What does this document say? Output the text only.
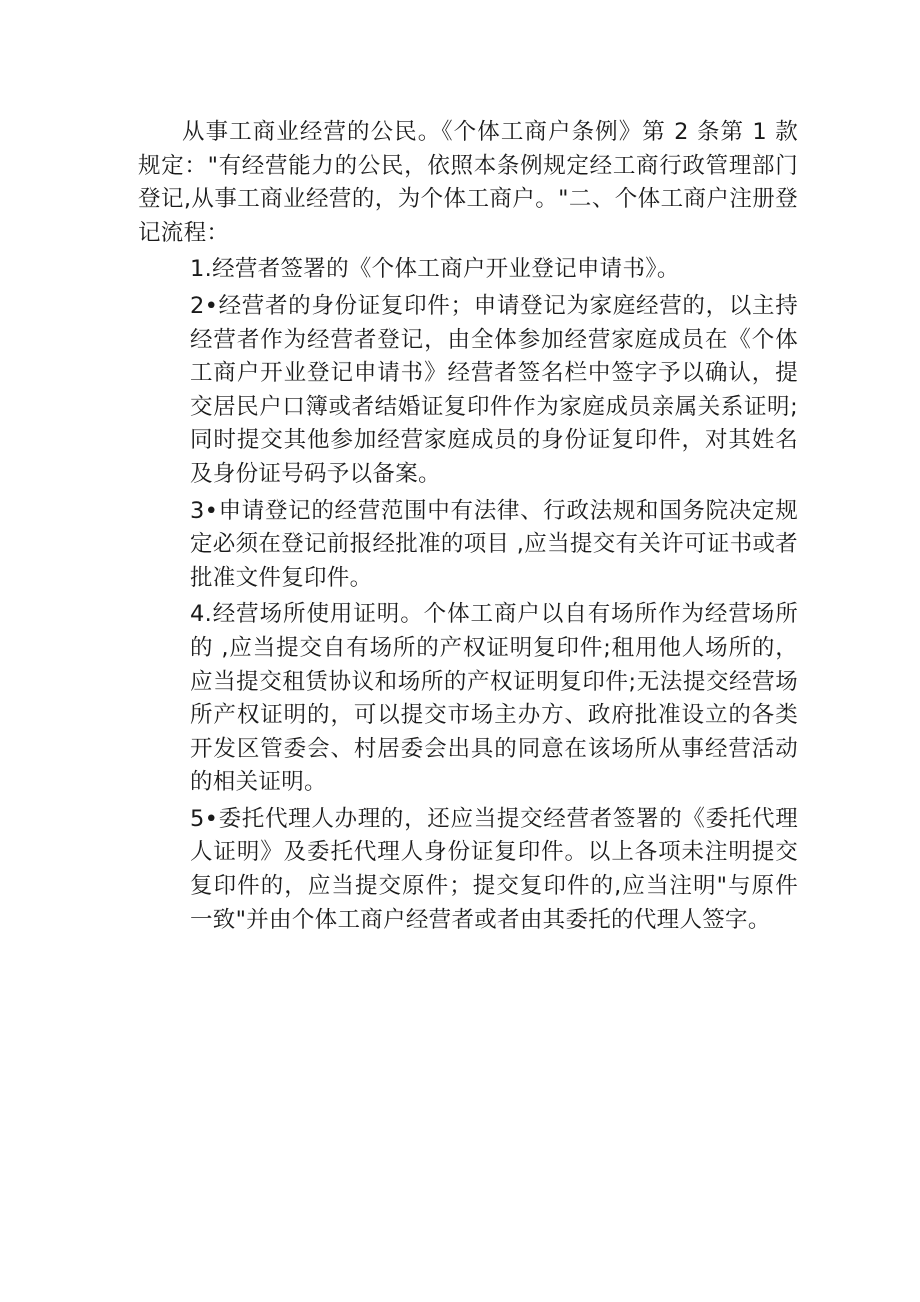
从事工商业经营的公民。《个体工商户条例》第 2 条第 1 款规定："有经营能力的公民，依照本条例规定经工商行政管理部门登记,从事工商业经营的，为个体工商户。"二、个体工商户注册登记流程：

1.经营者签署的《个体工商户开业登记申请书》。

2•经营者的身份证复印件；申请登记为家庭经营的，以主持经营者作为经营者登记，由全体参加经营家庭成员在《个体工商户开业登记申请书》经营者签名栏中签字予以确认，提交居民户口簿或者结婚证复印件作为家庭成员亲属关系证明;同时提交其他参加经营家庭成员的身份证复印件，对其姓名及身份证号码予以备案。

3•申请登记的经营范围中有法律、行政法规和国务院决定规定必须在登记前报经批准的项目 ,应当提交有关许可证书或者批准文件复印件。

4.经营场所使用证明。个体工商户以自有场所作为经营场所的 ,应当提交自有场所的产权证明复印件;租用他人场所的，应当提交租赁协议和场所的产权证明复印件;无法提交经营场所产权证明的，可以提交市场主办方、政府批准设立的各类开发区管委会、村居委会出具的同意在该场所从事经营活动的相关证明。

5•委托代理人办理的，还应当提交经营者签署的《委托代理人证明》及委托代理人身份证复印件。以上各项未注明提交复印件的，应当提交原件；提交复印件的,应当注明"与原件一致"并由个体工商户经营者或者由其委托的代理人签字。
